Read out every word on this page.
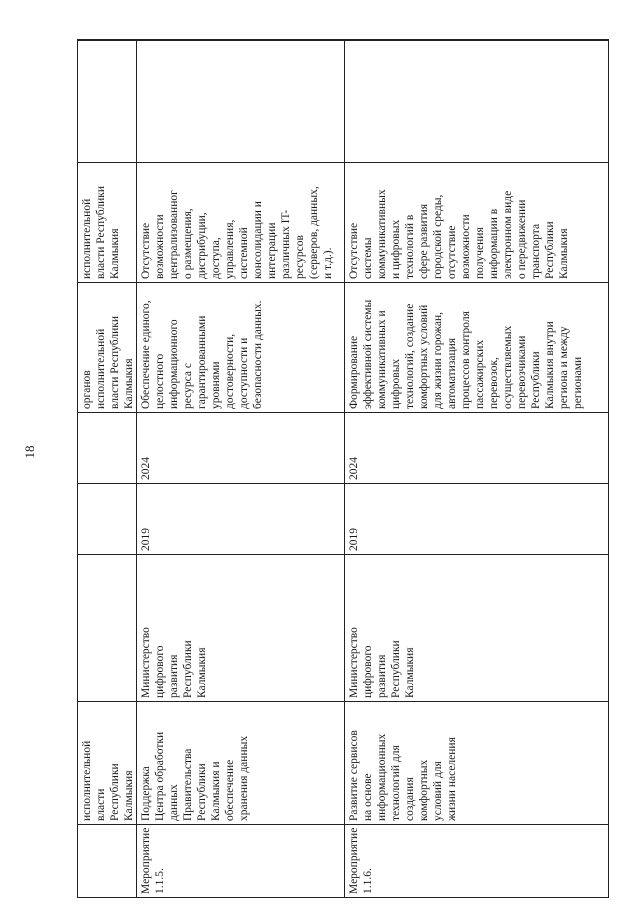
18
исполнительной
власти
Республики
Калмыкия
органов
исполнительной
власти Республики
Калмыкия
исполнительной
власти Республики
Калмыкия
Мероприятие
1.1.5.
Поддержка
Центра обработки
данных
Правительства
Республики
Калмыкия и
обеспечение
хранения данных
Министерство
цифрового
развития
Республики
Калмыкия
2019
2024
Обеспечение единого,
целостного
информационного
ресурса с
гарантированными
уровнями
достоверности,
доступности и
безопасности данных.
Отсутствие
возможности
централизованног
о размещения,
дистрибуции,
доступа,
управления,
системной
консолидации и
интеграции
различных IT-
ресурсов
(серверов, данных,
и т.д.).
Мероприятие
1.1.6.
Развитие сервисов
на основе
информационных
технологий для
создания
комфортных
условий для
жизни населения
Министерство
цифрового
развития
Республики
Калмыкия
2019
2024
Формирование
эффективной системы
коммуникативных и
цифровых
технологий, создание
комфортных условий
для жизни горожан,
автоматизация
процессов контроля
пассажирских
перевозок,
осуществляемых
перевозчиками
Республики
Калмыкия внутри
региона и между
регионами
Отсутствие
системы
коммуникативных
и цифровых
технологий в
сфере развития
городской среды,
отсутствие
возможности
получения
информации в
электронном виде
о передвижении
транспорта
Республики
Калмыкия
